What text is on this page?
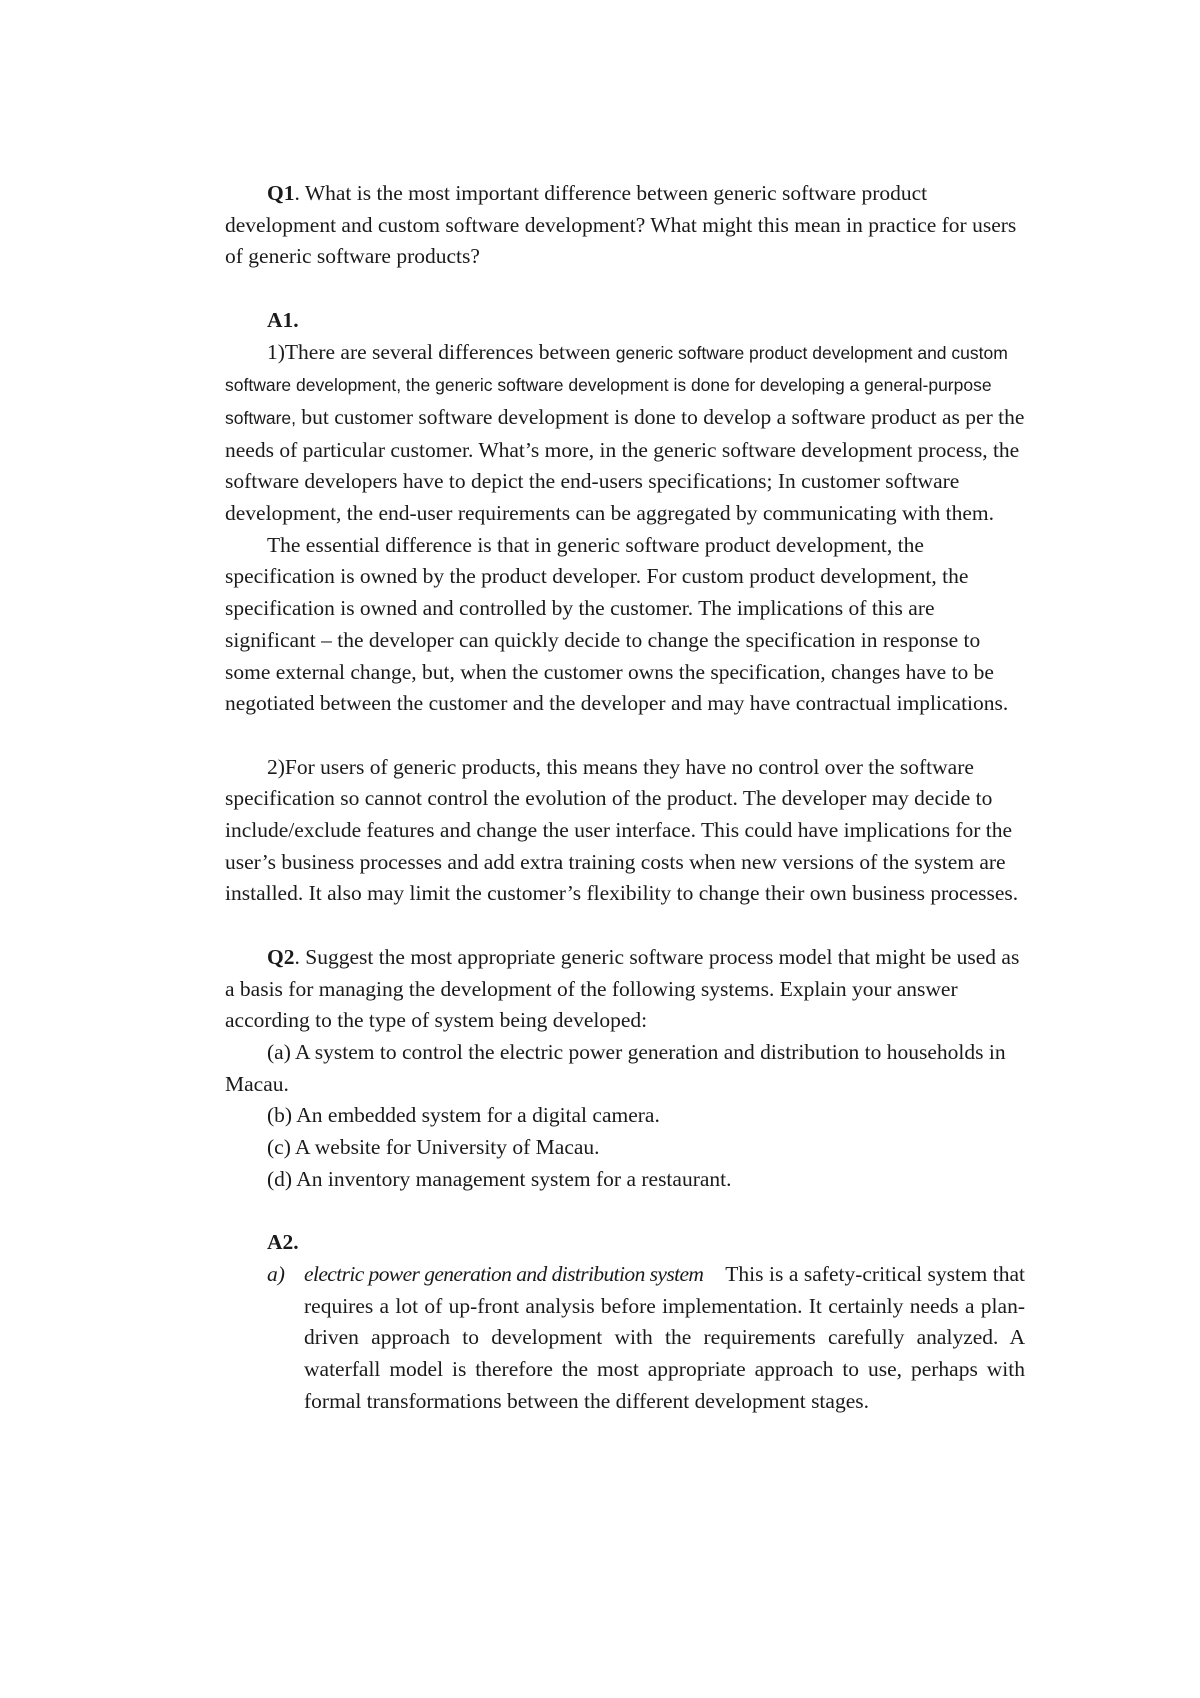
Q1. What is the most important difference between generic software product development and custom software development? What might this mean in practice for users of generic software products?

A1.

1)There are several differences between generic software product development and custom software development, the generic software development is done for developing a general-purpose software, but customer software development is done to develop a software product as per the needs of particular customer. What’s more, in the generic software development process, the software developers have to depict the end-users specifications; In customer software development, the end-user requirements can be aggregated by communicating with them.

The essential difference is that in generic software product development, the specification is owned by the product developer. For custom product development, the specification is owned and controlled by the customer. The implications of this are significant – the developer can quickly decide to change the specification in response to some external change, but, when the customer owns the specification, changes have to be negotiated between the customer and the developer and may have contractual implications.

2)For users of generic products, this means they have no control over the software specification so cannot control the evolution of the product. The developer may decide to include/exclude features and change the user interface. This could have implications for the user’s business processes and add extra training costs when new versions of the system are installed. It also may limit the customer’s flexibility to change their own business processes.

Q2. Suggest the most appropriate generic software process model that might be used as a basis for managing the development of the following systems. Explain your answer according to the type of system being developed:

(a) A system to control the electric power generation and distribution to households in Macau.

(b) An embedded system for a digital camera.

(c) A website for University of Macau.

(d) An inventory management system for a restaurant.

A2.

a) electric power generation and distribution system This is a safety-critical system that requires a lot of up-front analysis before implementation. It certainly needs a plan-driven approach to development with the requirements carefully analyzed. A waterfall model is therefore the most appropriate approach to use, perhaps with formal transformations between the different development stages.
